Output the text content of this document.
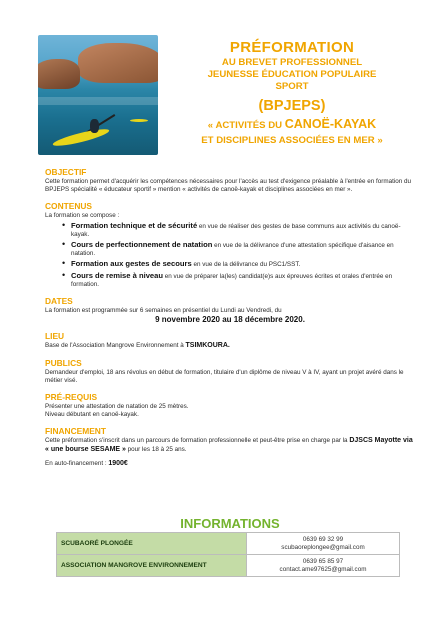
PRÉFORMATION
AU BREVET PROFESSIONNEL
JEUNESSE ÉDUCATION POPULAIRE
SPORT
(BPJEPS)
« ACTIVITÉS DU CANOË-KAYAK
ET DISCIPLINES ASSOCIÉES EN MER »
OBJECTIF
Cette formation permet d'acquérir les compétences nécessaires pour l'accès au test d'exigence préalable à l'entrée en formation du BPJEPS spécialité « éducateur sportif » mention « activités de canoë-kayak et disciplines associées en mer ».
CONTENUS
La formation se compose :
• Formation technique et de sécurité en vue de réaliser des gestes de base communs aux activités du canoë-kayak.
• Cours de perfectionnement de natation en vue de la délivrance d'une attestation spécifique d'aisance en natation.
• Formation aux gestes de secours en vue de la délivrance du PSC1/SST.
• Cours de remise à niveau en vue de préparer la(les) candidat(e)s aux épreuves écrites et orales d'entrée en formation.
DATES
La formation est programmée sur 6 semaines en présentiel du Lundi au Vendredi, du
9 novembre 2020 au 18 décembre 2020.
LIEU
Base de l'Association Mangrove Environnement à TSIMKOURA.
PUBLICS
Demandeur d'emploi, 18 ans révolus en début de formation, titulaire d'un diplôme de niveau V à IV, ayant un projet avéré dans le métier visé.
PRÉ-REQUIS
Présenter une attestation de natation de 25 mètres.
Niveau débutant en canoë-kayak.
FINANCEMENT
Cette préformation s'inscrit dans un parcours de formation professionnelle et peut-être prise en charge par la DJSCS Mayotte via « une bourse SESAME » pour les 18 à 25 ans.
En auto-financement : 1900€
INFORMATIONS
SCUBAORÉ PLONGÉE	0639 69 32 99
scubaoreplongee@gmail.com

ASSOCIATION MANGROVE ENVIRONNEMENT	0639 65 85 97
contact.ame97625@gmail.com
